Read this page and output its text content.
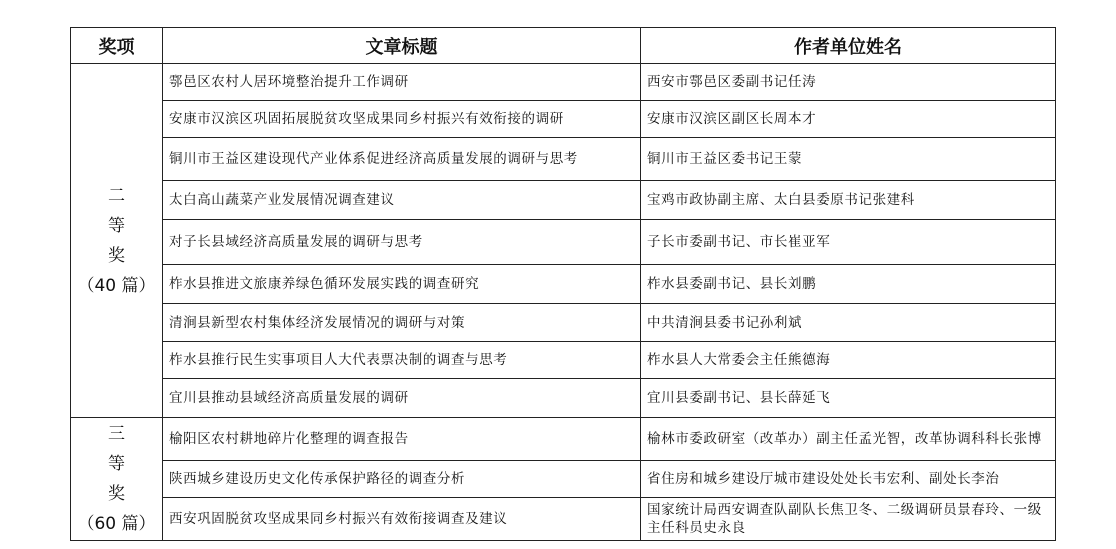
奖项	文章标题	作者单位姓名

二
等
奖
（40 篇）	鄠邑区农村人居环境整治提升工作调研	西安市鄠邑区委副书记任涛
	安康市汉滨区巩固拓展脱贫攻坚成果同乡村振兴有效衔接的调研	安康市汉滨区副区长周本才
	铜川市王益区建设现代产业体系促进经济高质量发展的调研与思考	铜川市王益区委书记王蒙
	太白高山蔬菜产业发展情况调查建议	宝鸡市政协副主席、太白县委原书记张建科
	对子长县域经济高质量发展的调研与思考	子长市委副书记、市长崔亚军
	柞水县推进文旅康养绿色循环发展实践的调查研究	柞水县委副书记、县长刘鹏
	清涧县新型农村集体经济发展情况的调研与对策	中共清涧县委书记孙利斌
	柞水县推行民生实事项目人大代表票决制的调查与思考	柞水县人大常委会主任熊德海
	宜川县推动县域经济高质量发展的调研	宜川县委副书记、县长薛延飞

三
等
奖
（60 篇）	榆阳区农村耕地碎片化整理的调查报告	榆林市委政研室（改革办）副主任孟光智，改革协调科科长张博
	陕西城乡建设历史文化传承保护路径的调查分析	省住房和城乡建设厅城市建设处处长韦宏利、副处长李治
	西安巩固脱贫攻坚成果同乡村振兴有效衔接调查及建议	国家统计局西安调查队副队长焦卫冬、二级调研员景春玲、一级主任科员史永良
